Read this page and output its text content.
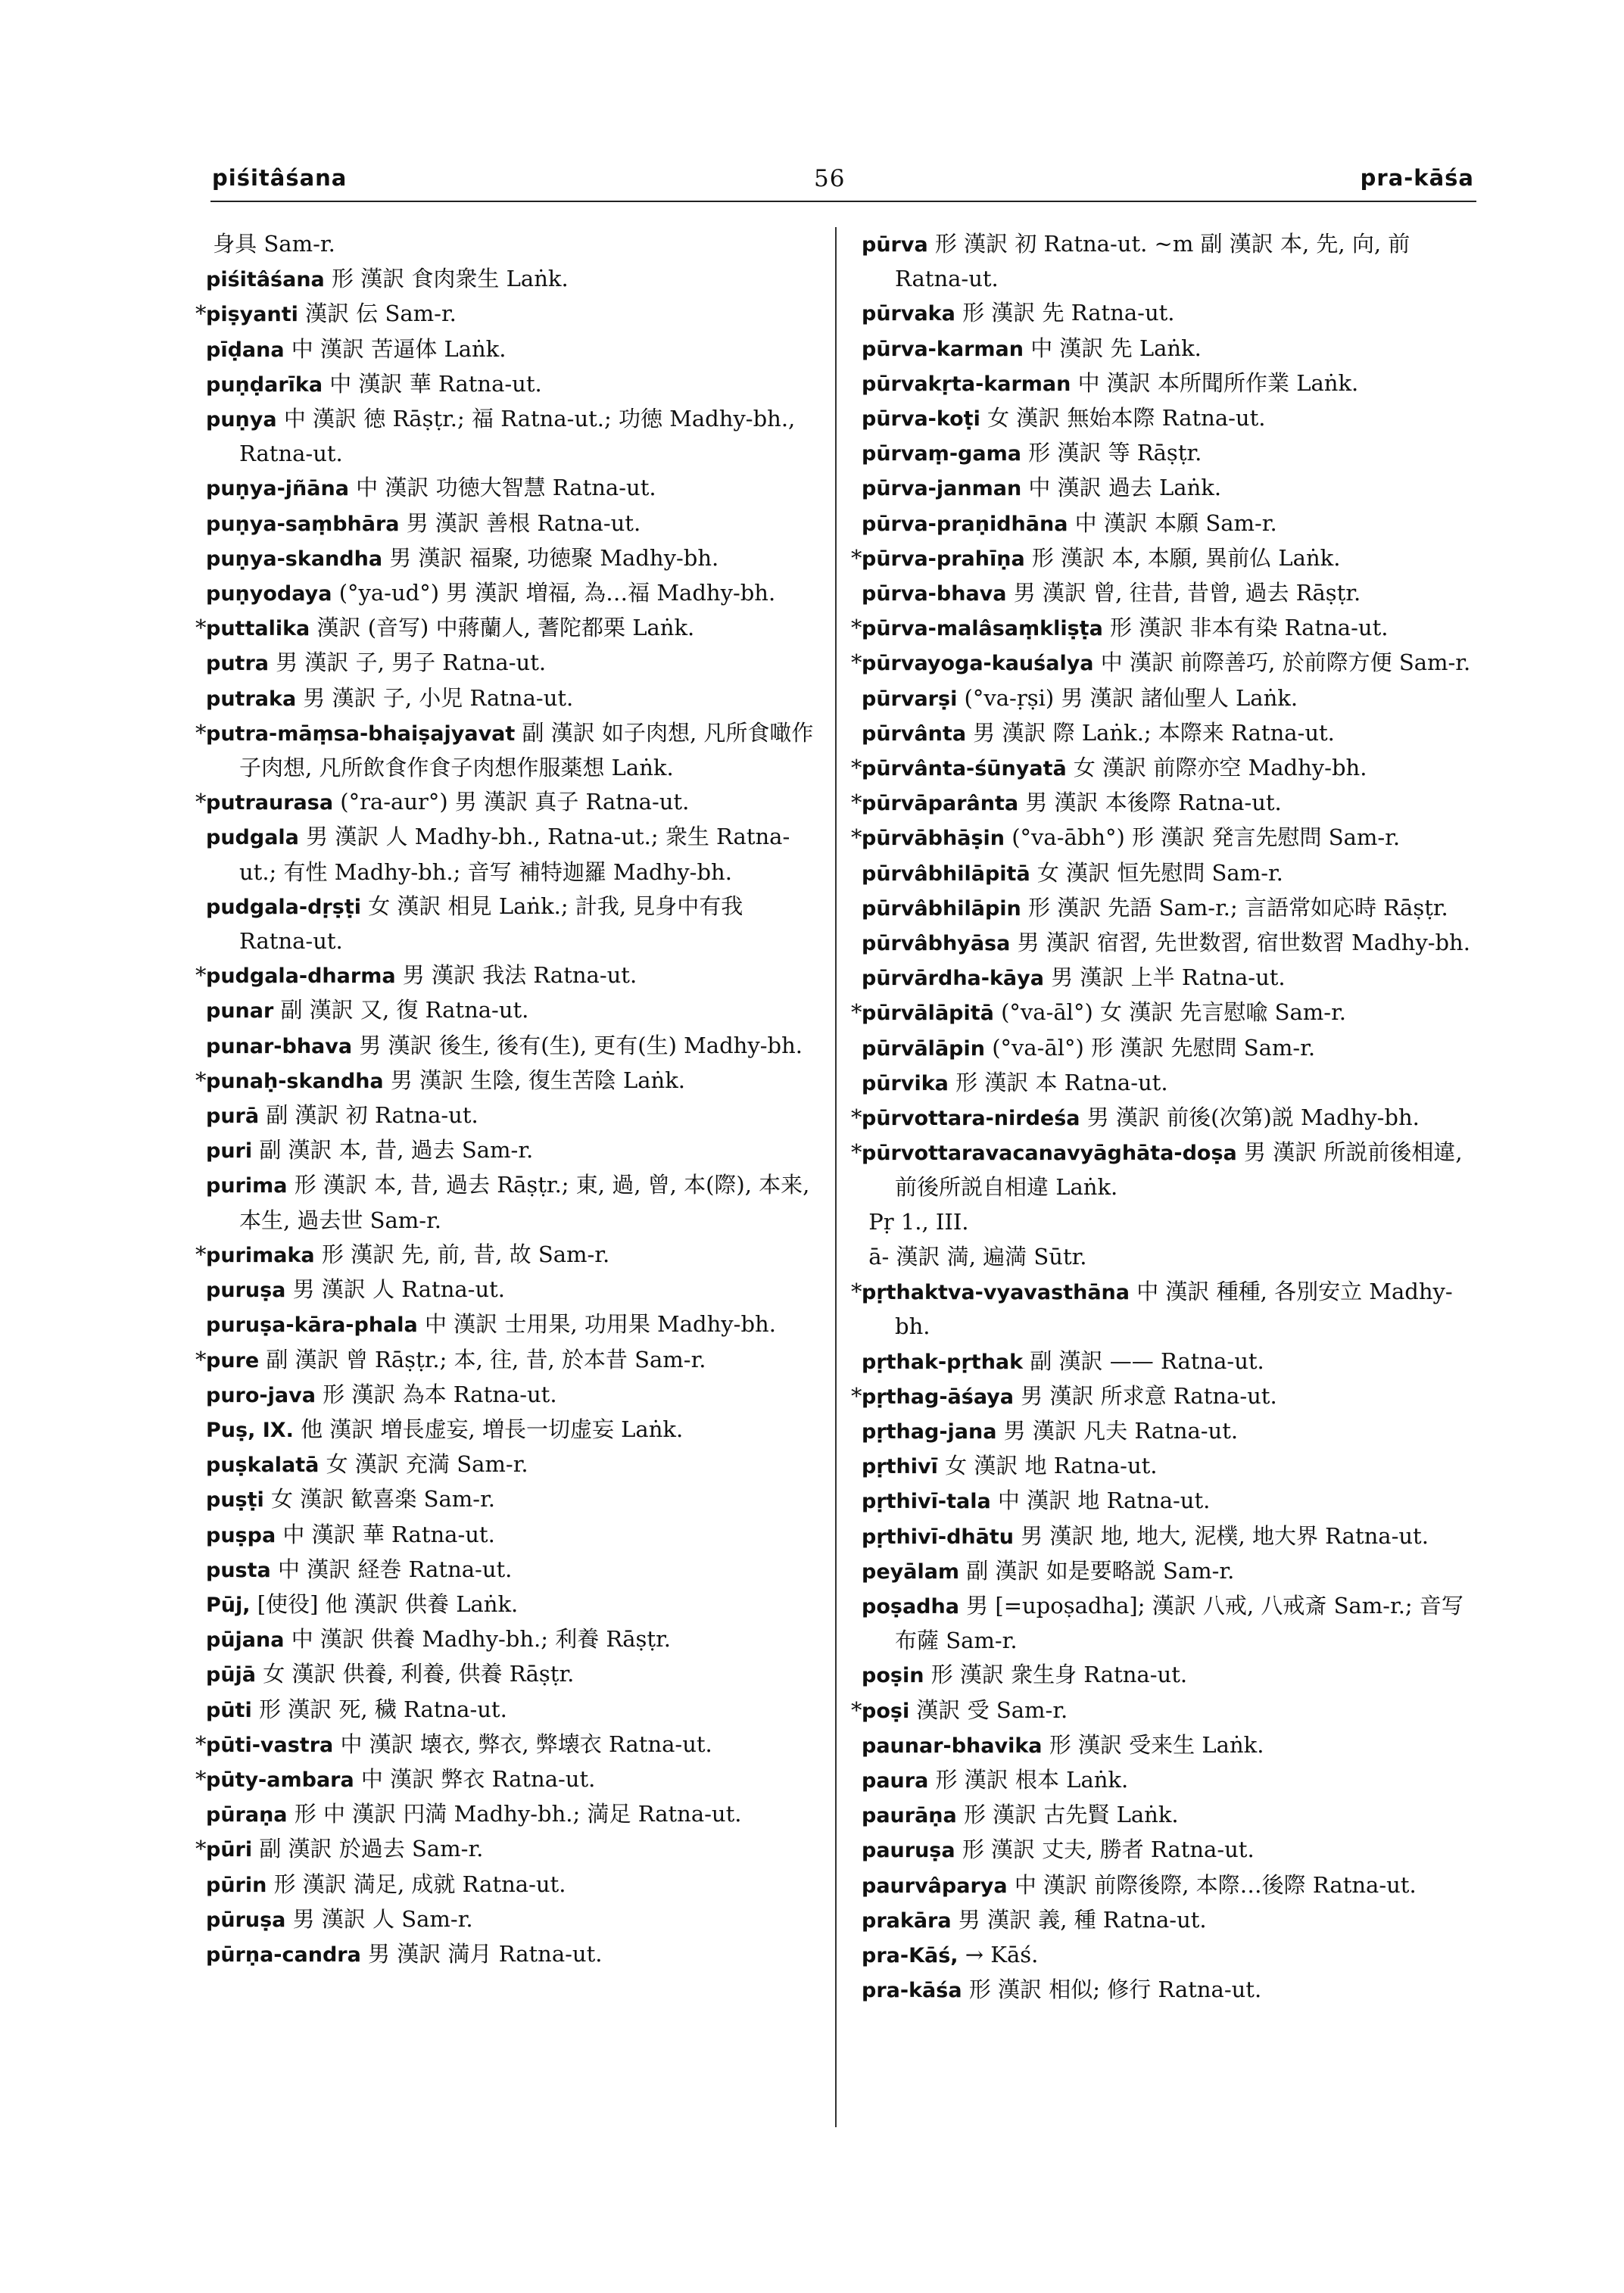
piśitâśana	56	pra-kāśa
身具 Sam-r.
piśitâśana 形 漢訳 食肉衆生 Laṅk.
*piṣyanti 漢訳 伝 Sam-r.
pīḍana 中 漢訳 苦逼体 Laṅk.
puṇḍarīka 中 漢訳 華 Ratna-ut.
puṇya 中 漢訳 徳 Rāṣṭr.; 福 Ratna-ut.; 功徳 Madhy-bh., Ratna-ut.
puṇya-jñāna 中 漢訳 功徳大智慧 Ratna-ut.
puṇya-saṃbhāra 男 漢訳 善根 Ratna-ut.
puṇya-skandha 男 漢訳 福聚, 功徳聚 Madhy-bh.
puṇyodaya (°ya-ud°) 男 漢訳 増福, 為…福 Madhy-bh.
*puttalika 漢訳 (音写) 中蔣蘭人, 蓍陀都栗 Laṅk.
putra 男 漢訳 子, 男子 Ratna-ut.
putraka 男 漢訳 子, 小児 Ratna-ut.
*putra-māṃsa-bhaiṣajyavat 副 漢訳 如子肉想, 凡所食噉作子肉想, 凡所飲食作食子肉想作服薬想 Laṅk.
*putraurasa (°ra-aur°) 男 漢訳 真子 Ratna-ut.
pudgala 男 漢訳 人 Madhy-bh., Ratna-ut.; 衆生 Ratna-ut.; 有性 Madhy-bh.; 音写 補特迦羅 Madhy-bh.
pudgala-dṛṣṭi 女 漢訳 相見 Laṅk.; 計我, 見身中有我 Ratna-ut.
*pudgala-dharma 男 漢訳 我法 Ratna-ut.
punar 副 漢訳 又, 復 Ratna-ut.
punar-bhava 男 漢訳 後生, 後有(生), 更有(生) Madhy-bh.
*punaḥ-skandha 男 漢訳 生陰, 復生苦陰 Laṅk.
purā 副 漢訳 初 Ratna-ut.
puri 副 漢訳 本, 昔, 過去 Sam-r.
purima 形 漢訳 本, 昔, 過去 Rāṣṭr.; 東, 過, 曾, 本(際), 本来, 本生, 過去世 Sam-r.
*purimaka 形 漢訳 先, 前, 昔, 故 Sam-r.
puruṣa 男 漢訳 人 Ratna-ut.
puruṣa-kāra-phala 中 漢訳 士用果, 功用果 Madhy-bh.
*pure 副 漢訳 曾 Rāṣṭr.; 本, 往, 昔, 於本昔 Sam-r.
puro-java 形 漢訳 為本 Ratna-ut.
Puṣ, IX. 他 漢訳 増長虚妄, 増長一切虚妄 Laṅk.
puṣkalatā 女 漢訳 充満 Sam-r.
puṣṭi 女 漢訳 歓喜楽 Sam-r.
puṣpa 中 漢訳 華 Ratna-ut.
pusta 中 漢訳 経巻 Ratna-ut.
Pūj, [使役] 他 漢訳 供養 Laṅk.
pūjana 中 漢訳 供養 Madhy-bh.; 利養 Rāṣṭr.
pūjā 女 漢訳 供養, 利養, 供養 Rāṣṭr.
pūti 形 漢訳 死, 穢 Ratna-ut.
*pūti-vastra 中 漢訳 壊衣, 弊衣, 弊壊衣 Ratna-ut.
*pūty-ambara 中 漢訳 弊衣 Ratna-ut.
pūraṇa 形 中 漢訳 円満 Madhy-bh.; 満足 Ratna-ut.
*pūri 副 漢訳 於過去 Sam-r.
pūrin 形 漢訳 満足, 成就 Ratna-ut.
pūruṣa 男 漢訳 人 Sam-r.
pūrṇa-candra 男 漢訳 満月 Ratna-ut.
pūrva 形 漢訳 初 Ratna-ut. ~m 副 漢訳 本, 先, 向, 前 Ratna-ut.
pūrvaka 形 漢訳 先 Ratna-ut.
pūrva-karman 中 漢訳 先 Laṅk.
pūrvakṛta-karman 中 漢訳 本所聞所作業 Laṅk.
pūrva-koṭi 女 漢訳 無始本際 Ratna-ut.
pūrvaṃ-gama 形 漢訳 等 Rāṣṭr.
pūrva-janman 中 漢訳 過去 Laṅk.
pūrva-praṇidhāna 中 漢訳 本願 Sam-r.
*pūrva-prahīṇa 形 漢訳 本, 本願, 異前仏 Laṅk.
pūrva-bhava 男 漢訳 曾, 往昔, 昔曾, 過去 Rāṣṭr.
*pūrva-malâsaṃkliṣṭa 形 漢訳 非本有染 Ratna-ut.
*pūrvayoga-kauśalya 中 漢訳 前際善巧, 於前際方便 Sam-r.
pūrvarṣi (°va-ṛṣi) 男 漢訳 諸仙聖人 Laṅk.
pūrvânta 男 漢訳 際 Laṅk.; 本際来 Ratna-ut.
*pūrvânta-śūnyatā 女 漢訳 前際亦空 Madhy-bh.
*pūrvāparânta 男 漢訳 本後際 Ratna-ut.
*pūrvābhāṣin (°va-ābh°) 形 漢訳 発言先慰問 Sam-r.
pūrvâbhilāpitā 女 漢訳 恒先慰問 Sam-r.
pūrvâbhilāpin 形 漢訳 先語 Sam-r.; 言語常如応時 Rāṣṭr.
pūrvâbhyāsa 男 漢訳 宿習, 先世数習, 宿世数習 Madhy-bh.
pūrvārdha-kāya 男 漢訳 上半 Ratna-ut.
*pūrvālāpitā (°va-āl°) 女 漢訳 先言慰喩 Sam-r.
pūrvālāpin (°va-āl°) 形 漢訳 先慰問 Sam-r.
pūrvika 形 漢訳 本 Ratna-ut.
*pūrvottara-nirdeśa 男 漢訳 前後(次第)説 Madhy-bh.
*pūrvottaravacanavyāghāta-doṣa 男 漢訳 所説前後相違, 前後所説自相違 Laṅk.
Pṛ 1., III.
ā- 漢訳 満, 遍満 Sūtr.
*pṛthaktva-vyavasthāna 中 漢訳 種種, 各別安立 Madhy-bh.
pṛthak-pṛthak 副 漢訳 —— Ratna-ut.
*pṛthag-āśaya 男 漢訳 所求意 Ratna-ut.
pṛthag-jana 男 漢訳 凡夫 Ratna-ut.
pṛthivī 女 漢訳 地 Ratna-ut.
pṛthivī-tala 中 漢訳 地 Ratna-ut.
pṛthivī-dhātu 男 漢訳 地, 地大, 泥樸, 地大界 Ratna-ut.
peyālam 副 漢訳 如是要略説 Sam-r.
poṣadha 男 [=upoṣadha]; 漢訳 八戒, 八戒斎 Sam-r.; 音写 布薩 Sam-r.
poṣin 形 漢訳 衆生身 Ratna-ut.
*poṣi 漢訳 受 Sam-r.
paunar-bhavika 形 漢訳 受来生 Laṅk.
paura 形 漢訳 根本 Laṅk.
paurāṇa 形 漢訳 古先賢 Laṅk.
pauruṣa 形 漢訳 丈夫, 勝者 Ratna-ut.
paurvâparya 中 漢訳 前際後際, 本際…後際 Ratna-ut.
prakāra 男 漢訳 義, 種 Ratna-ut.
pra-Kāś, → Kāś.
pra-kāśa 形 漢訳 相似; 修行 Ratna-ut.
